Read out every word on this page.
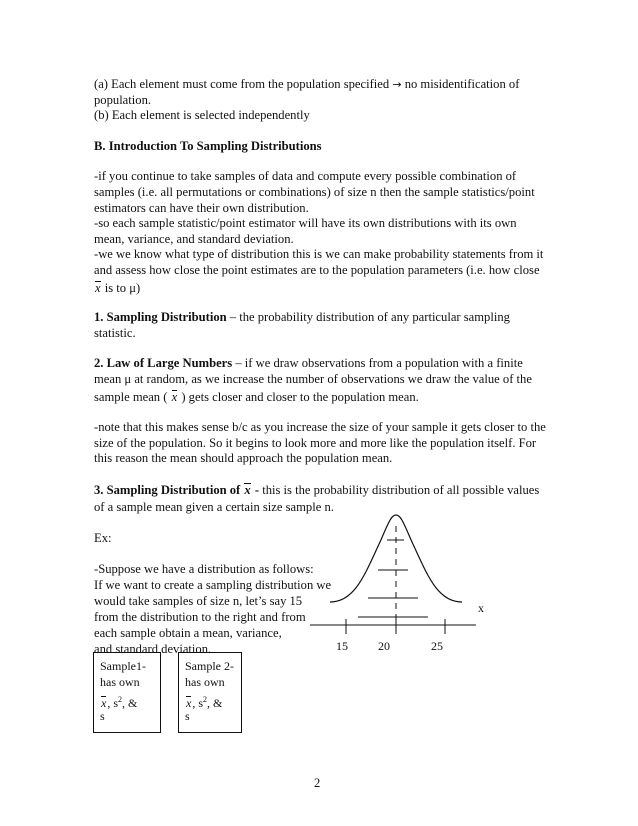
(a) Each element must come from the population specified → no misidentification of
population.
(b) Each element is selected independently
B. Introduction To Sampling Distributions
-if you continue to take samples of data and compute every possible combination of
samples (i.e. all permutations or combinations) of size n then the sample statistics/point
estimators can have their own distribution.
-so each sample statistic/point estimator will have its own distributions with its own
mean, variance, and standard deviation.
-we we know what type of distribution this is we can make probability statements from it
and assess how close the point estimates are to the population parameters (i.e. how close
x is to μ)
1. Sampling Distribution – the probability distribution of any particular sampling
statistic.
2. Law of Large Numbers – if we draw observations from a population with a finite
mean μ at random, as we increase the number of observations we draw the value of the
sample mean ( x ) gets closer and closer to the population mean.
-note that this makes sense b/c as you increase the size of your sample it gets closer to the
size of the population. So it begins to look more and more like the population itself. For
this reason the mean should approach the population mean.
3. Sampling Distribution of x - this is the probability distribution of all possible values
of a sample mean given a certain size sample n.
Ex:
-Suppose we have a distribution as follows:
If we want to create a sampling distribution we
would take samples of size n, let’s say 15
from the distribution to the right and from
each sample obtain a mean, variance,
and standard deviation.	15	20	25
x
Sample1-
has own
x, $s^2$, &
s
Sample 2-
has own
x, $s^2$, &
s
2
